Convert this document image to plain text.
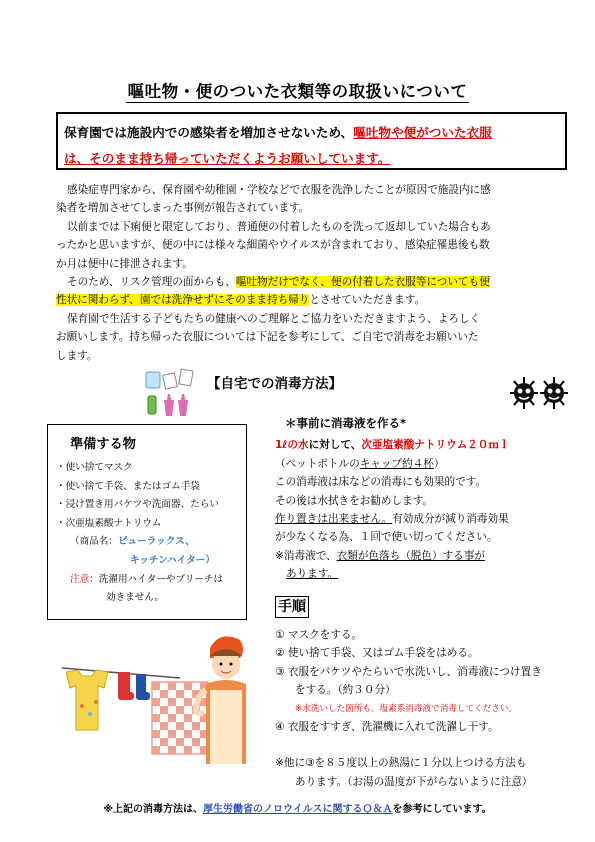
嘔吐物・便のついた衣類等の取扱いについて
保育園では施設内での感染者を増加させないため、嘔吐物や便がついた衣服
は、そのまま持ち帰っていただくようお願いしています。
感染症専門家から、保育園や幼稚園・学校などで衣服を洗浄したことが原因で施設内に感
染者を増加させてしまった事例が報告されています。
以前までは下痢便と限定しており、普通便の付着したものを洗って返却していた場合もあ
ったかと思いますが、便の中には様々な細菌やウイルスが含まれており、感染症罹患後も数
か月は便中に排泄されます。
そのため、リスク管理の面からも、嘔吐物だけでなく、便の付着した衣服等についても便
性状に関わらず、園では洗浄せずにそのまま持ち帰りとさせていただきます。
保育園で生活する子どもたちの健康へのご理解とご協力をいただきますよう、よろしく
お願いします。持ち帰った衣服については下記を参考にして、ご自宅で消毒をお願いいた
します。
【自宅での消毒方法】
準備する物
・使い捨てマスク
・使い捨て手袋、またはゴム手袋
・浸け置き用バケツや洗面器、たらい
・次亜塩素酸ナトリウム
（商品名：ピューラックス、
キッチンハイター）
注意：洗濯用ハイターやブリーチは
効きません。
＊事前に消毒液を作る*
1ℓの水に対して、次亜塩素酸ナトリウム２０ｍｌ
（ペットボトルのキャップ約４杯）
この消毒液は床などの消毒にも効果的です。
その後は水拭きをお勧めします。
作り置きは出来ません。有効成分が減り消毒効果
が少なくなる為、１回で使い切ってください。
※消毒液で、衣類が色落ち（脱色）する事が
あります。
手順
① マスクをする。
② 使い捨て手袋、又はゴム手袋をはめる。
③ 衣服をバケツやたらいで水洗いし、消毒液につけ置き
をする。（約３０分）
※水洗いした箇所も、塩素系消毒液で消毒してください。
④ 衣服をすすぎ、洗濯機に入れて洗濯し干す。
※他に③を８５度以上の熱湯に１分以上つける方法も
あります。（お湯の温度が下がらないように注意）
※上記の消毒方法は、厚生労働省のノロウイルスに関するＱ＆Ａを参考にしています。
